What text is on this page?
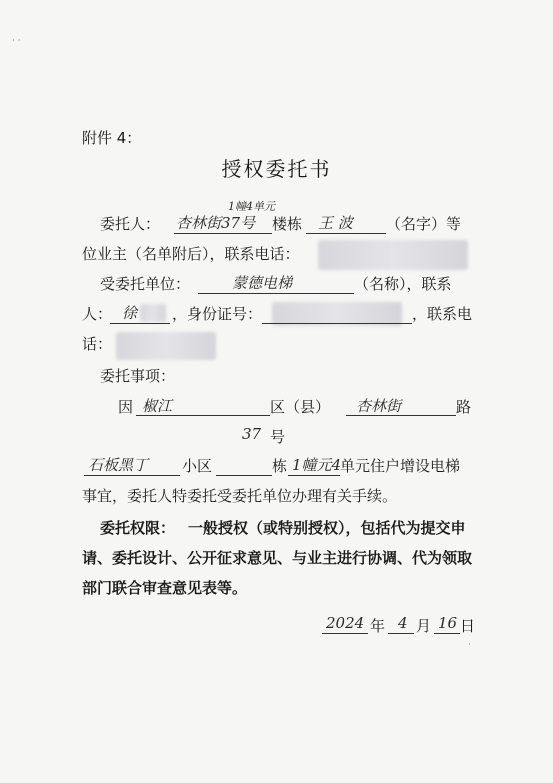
· ·
附件 4：
授权委托书
委托人：
1幢4单元
杏林街37号 楼栋 王 波 （名字）等
位业主（名单附后），联系电话：
受委托单位：	蒙德电梯	（名称），联系
人： 徐 ，身份证号：	，联系电
话：
委托事项：
因 椒江	区（县） 杏林街	路
37 号
石板黑丁 小区	栋 1幢元4
单元住户增设电梯
事宜，委托人特委托受委托单位办理有关手续。
委托权限： 一般授权（或特别授权），包括代为提交申
请、委托设计、公开征求意见、与业主进行协调、代为领取
部门联合审查意见表等。
2024 年 4 月 16 日
·
